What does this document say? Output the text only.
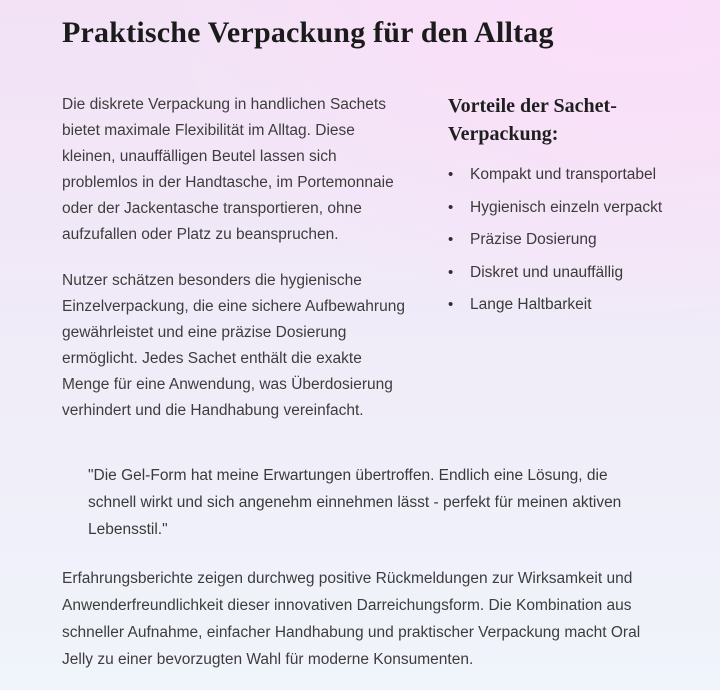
Praktische Verpackung für den Alltag

Die diskrete Verpackung in handlichen Sachets bietet maximale Flexibilität im Alltag. Diese kleinen, unauffälligen Beutel lassen sich problemlos in der Handtasche, im Portemonnaie oder der Jackentasche transportieren, ohne aufzufallen oder Platz zu beanspruchen.

Nutzer schätzen besonders die hygienische Einzelverpackung, die eine sichere Aufbewahrung gewährleistet und eine präzise Dosierung ermöglicht. Jedes Sachet enthält die exakte Menge für eine Anwendung, was Überdosierung verhindert und die Handhabung vereinfacht.

Vorteile der Sachet-Verpackung:
•	Kompakt und transportabel
•	Hygienisch einzeln verpackt
•	Präzise Dosierung
•	Diskret und unauffällig
•	Lange Haltbarkeit
"Die Gel-Form hat meine Erwartungen übertroffen. Endlich eine Lösung, die schnell wirkt und sich angenehm einnehmen lässt - perfekt für meinen aktiven Lebensstil."

Erfahrungsberichte zeigen durchweg positive Rückmeldungen zur Wirksamkeit und Anwenderfreundlichkeit dieser innovativen Darreichungsform. Die Kombination aus schneller Aufnahme, einfacher Handhabung und praktischer Verpackung macht Oral Jelly zu einer bevorzugten Wahl für moderne Konsumenten.
